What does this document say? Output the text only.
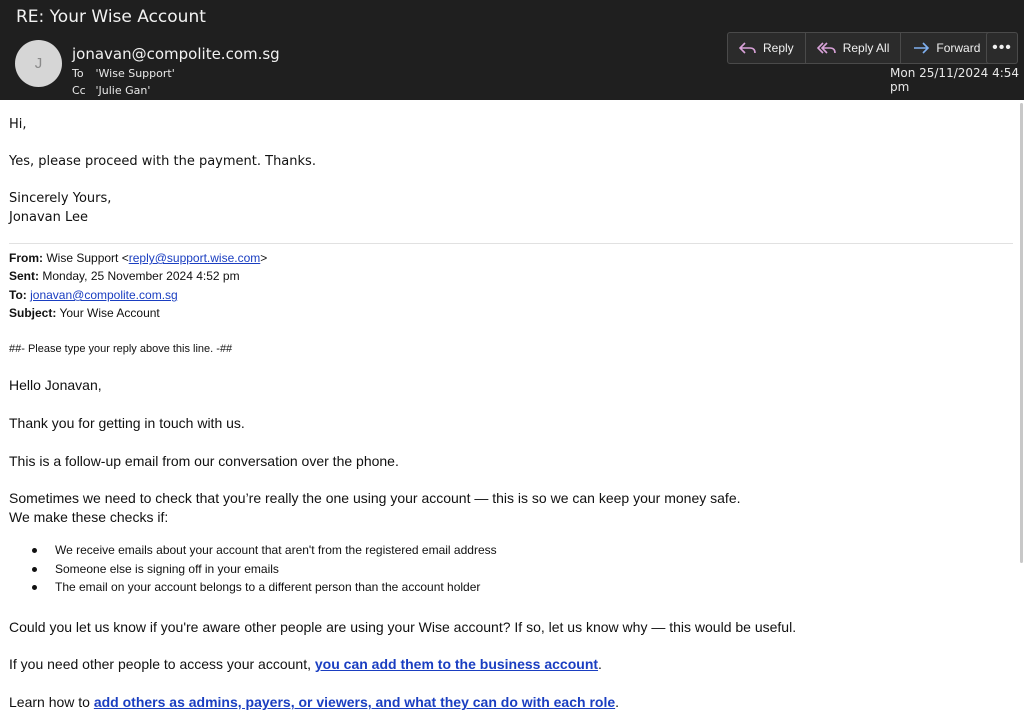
RE: Your Wise Account
J
jonavan@compolite.com.sg
To 'Wise Support'
Cc 'Julie Gan'
Reply	Reply All	Forward •••
Mon 25/11/2024 4:54 pm
Hi,
Yes, please proceed with the payment. Thanks.
Sincerely Yours,
Jonavan Lee
From: Wise Support <reply@support.wise.com>
Sent: Monday, 25 November 2024 4:52 pm
To: jonavan@compolite.com.sg
Subject: Your Wise Account
##- Please type your reply above this line. -##
Hello Jonavan,
Thank you for getting in touch with us.
This is a follow-up email from our conversation over the phone.
Sometimes we need to check that you’re really the one using your account — this is so we can keep your money safe.
We make these checks if:
We receive emails about your account that aren't from the registered email address
Someone else is signing off in your emails
The email on your account belongs to a different person than the account holder
Could you let us know if you're aware other people are using your Wise account? If so, let us know why — this would be useful.
If you need other people to access your account, you can add them to the business account.
Learn how to add others as admins, payers, or viewers, and what they can do with each role.
